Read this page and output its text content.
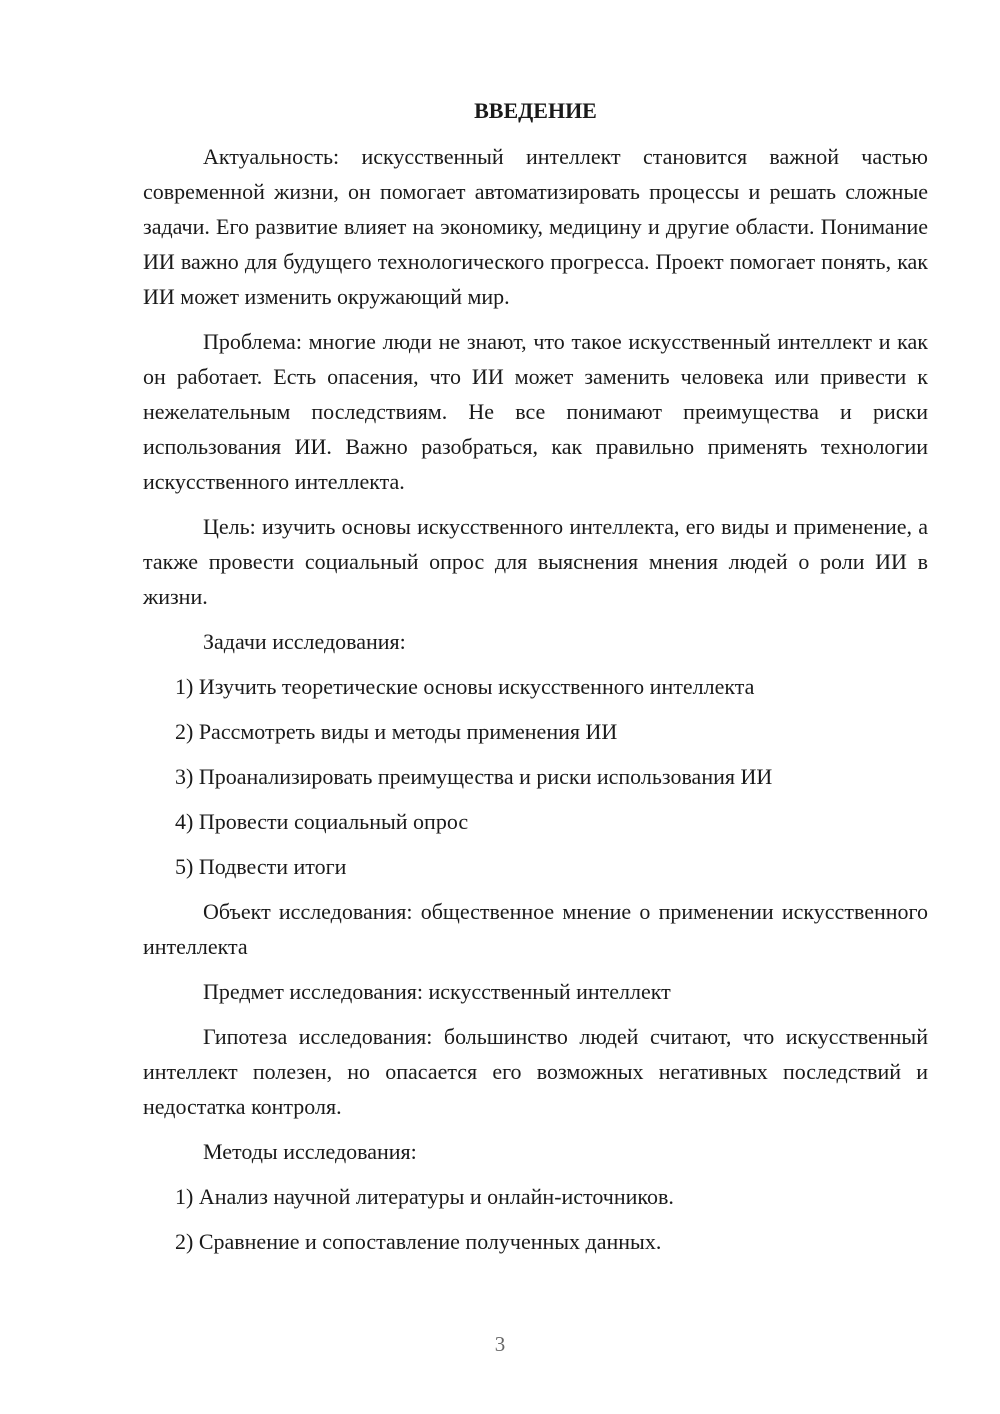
ВВЕДЕНИЕ

Актуальность: искусственный интеллект становится важной частью современной жизни, он помогает автоматизировать процессы и решать сложные задачи. Его развитие влияет на экономику, медицину и другие области. Понимание ИИ важно для будущего технологического прогресса. Проект помогает понять, как ИИ может изменить окружающий мир.

Проблема: многие люди не знают, что такое искусственный интеллект и как он работает. Есть опасения, что ИИ может заменить человека или привести к нежелательным последствиям. Не все понимают преимущества и риски использования ИИ. Важно разобраться, как правильно применять технологии искусственного интеллекта.

Цель: изучить основы искусственного интеллекта, его виды и применение, а также провести социальный опрос для выяснения мнения людей о роли ИИ в жизни.

Задачи исследования:

1) Изучить теоретические основы искусственного интеллекта
2) Рассмотреть виды и методы применения ИИ
3) Проанализировать преимущества и риски использования ИИ
4) Провести социальный опрос
5) Подвести итоги

Объект исследования: общественное мнение о применении искусственного интеллекта

Предмет исследования: искусственный интеллект

Гипотеза исследования: большинство людей считают, что искусственный интеллект полезен, но опасается его возможных негативных последствий и недостатка контроля.

Методы исследования:

1) Анализ научной литературы и онлайн-источников.
2) Сравнение и сопоставление полученных данных.
3
